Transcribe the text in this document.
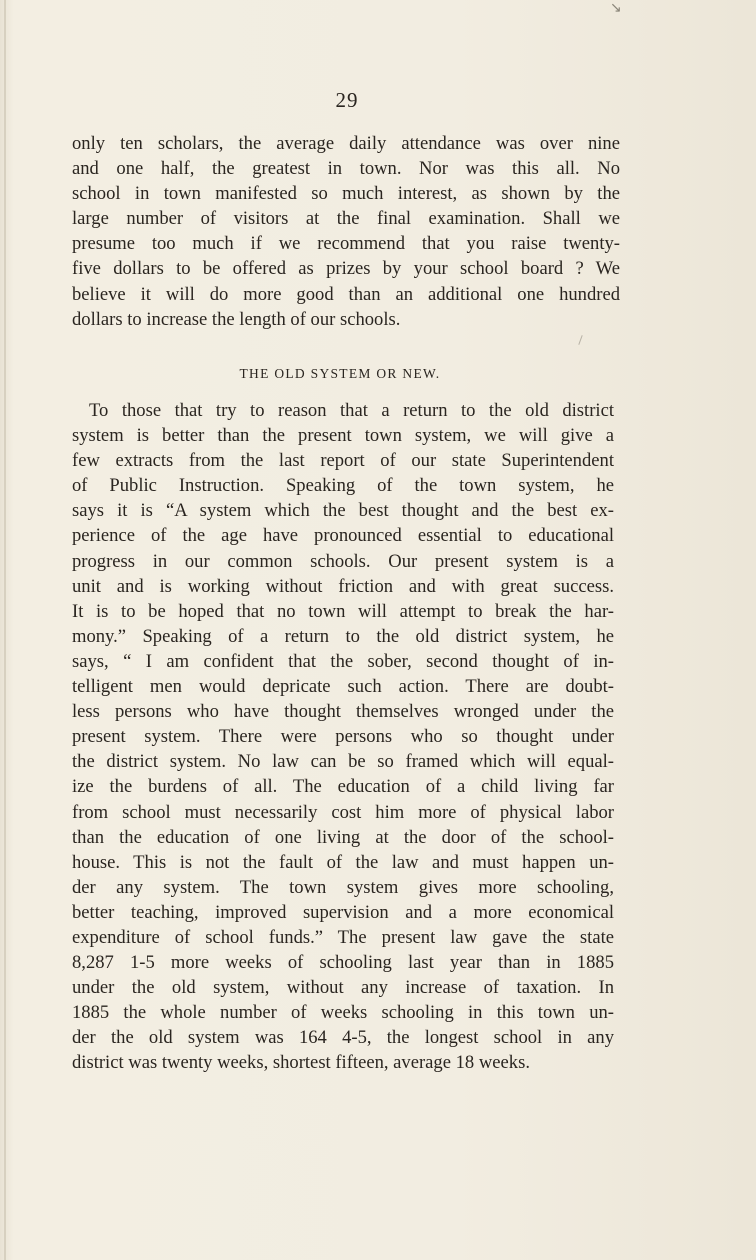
↘
29
only ten scholars, the average daily attendance was over nine
and one half, the greatest in town. Nor was this all. No
school in town manifested so much interest, as shown by the
large number of visitors at the final examination. Shall we
presume too much if we recommend that you raise twenty-
five dollars to be offered as prizes by your school board ? We
believe it will do more good than an additional one hundred
dollars to increase the length of our schools.
THE OLD SYSTEM OR NEW.
To those that try to reason that a return to the old district
system is better than the present town system, we will give a
few extracts from the last report of our state Superintendent
of Public Instruction. Speaking of the town system, he
says it is “A system which the best thought and the best ex-
perience of the age have pronounced essential to educational
progress in our common schools. Our present system is a
unit and is working without friction and with great success.
It is to be hoped that no town will attempt to break the har-
mony.” Speaking of a return to the old district system, he
says, “ I am confident that the sober, second thought of in-
telligent men would depricate such action. There are doubt-
less persons who have thought themselves wronged under the
present system. There were persons who so thought under
the district system. No law can be so framed which will equal-
ize the burdens of all. The education of a child living far
from school must necessarily cost him more of physical labor
than the education of one living at the door of the school-
house. This is not the fault of the law and must happen un-
der any system. The town system gives more schooling,
better teaching, improved supervision and a more economical
expenditure of school funds.” The present law gave the state
8,287 1-5 more weeks of schooling last year than in 1885
under the old system, without any increase of taxation. In
1885 the whole number of weeks schooling in this town un-
der the old system was 164 4-5, the longest school in any
district was twenty weeks, shortest fifteen, average 18 weeks.
